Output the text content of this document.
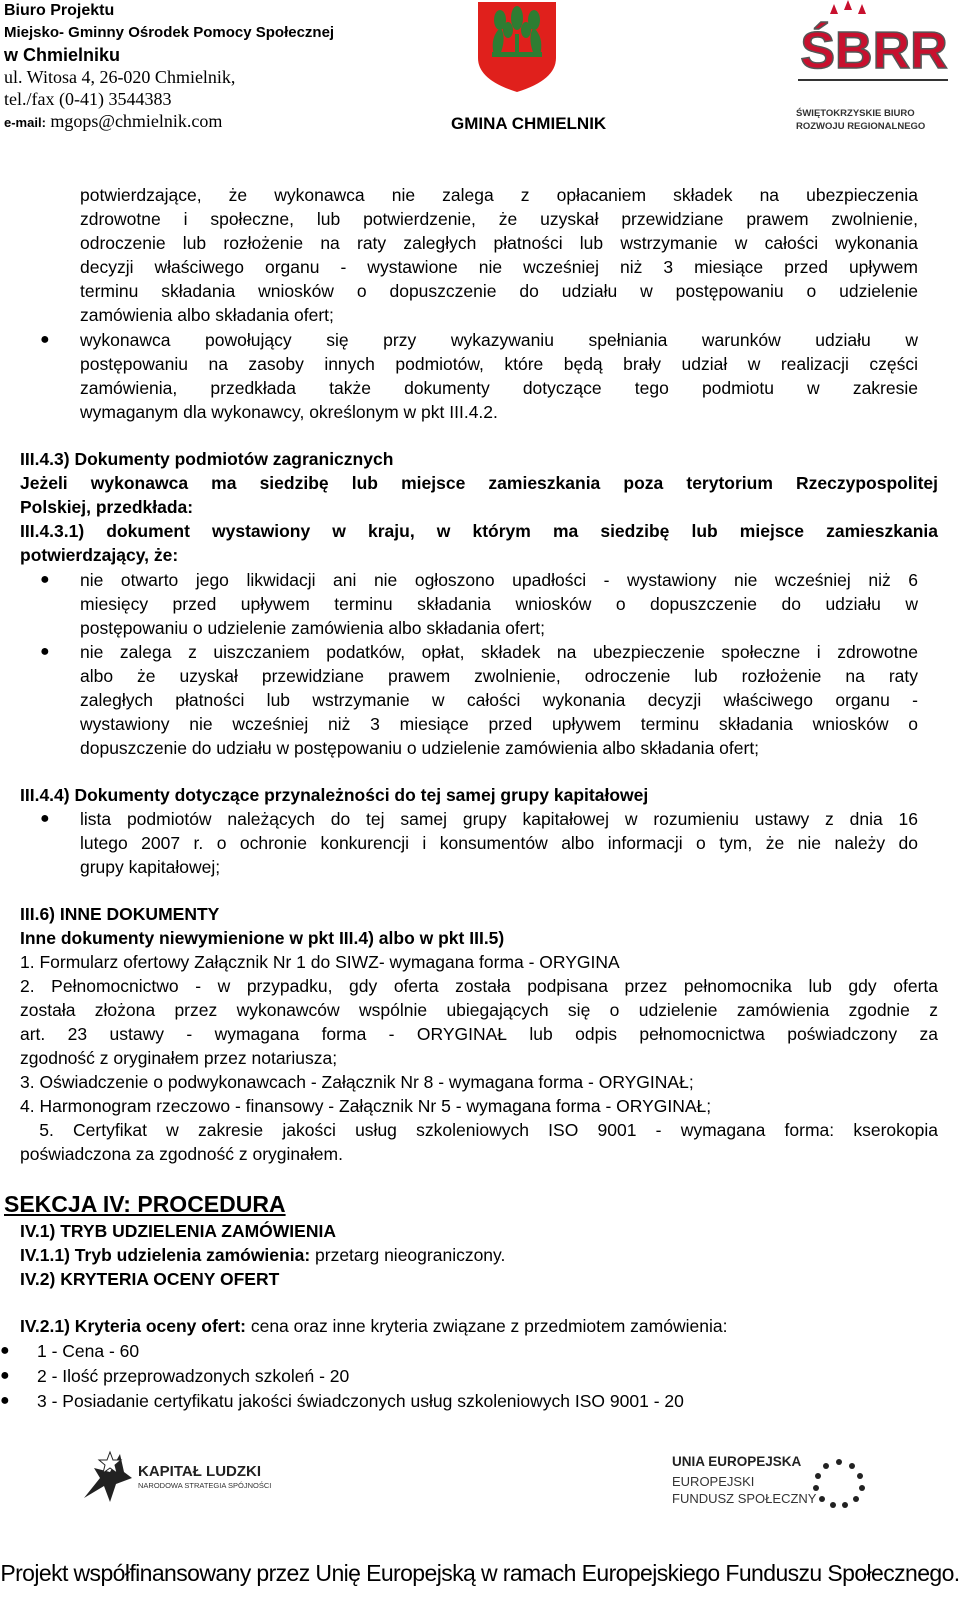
Biuro Projektu
Miejsko- Gminny Ośrodek Pomocy Społecznej
w Chmielniku
ul. Witosa 4, 26-020 Chmielnik,
tel./fax (0-41) 3544383
e-mail: mgops@chmielnik.com	GMINA CHMIELNIK
ŚBRR
ŚWIĘTOKRZYSKIE BIURO
ROZWOJU REGIONALNEGO
potwierdzające, że wykonawca nie zalega z opłacaniem składek na ubezpieczenia
zdrowotne i społeczne, lub potwierdzenie, że uzyskał przewidziane prawem zwolnienie,
odroczenie lub rozłożenie na raty zaległych płatności lub wstrzymanie w całości wykonania
decyzji właściwego organu - wystawione nie wcześniej niż 3 miesiące przed upływem
terminu składania wniosków o dopuszczenie do udziału w postępowaniu o udzielenie
zamówienia albo składania ofert;
● wykonawca powołujący się przy wykazywaniu spełniania warunków udziału w
postępowaniu na zasoby innych podmiotów, które będą brały udział w realizacji części
zamówienia, przedkłada także dokumenty dotyczące tego podmiotu w zakresie
wymaganym dla wykonawcy, określonym w pkt III.4.2.
III.4.3) Dokumenty podmiotów zagranicznych
Jeżeli wykonawca ma siedzibę lub miejsce zamieszkania poza terytorium Rzeczypospolitej
Polskiej, przedkłada:
III.4.3.1) dokument wystawiony w kraju, w którym ma siedzibę lub miejsce zamieszkania
potwierdzający, że:
● nie otwarto jego likwidacji ani nie ogłoszono upadłości - wystawiony nie wcześniej niż 6
miesięcy przed upływem terminu składania wniosków o dopuszczenie do udziału w
postępowaniu o udzielenie zamówienia albo składania ofert;
● nie zalega z uiszczaniem podatków, opłat, składek na ubezpieczenie społeczne i zdrowotne
albo że uzyskał przewidziane prawem zwolnienie, odroczenie lub rozłożenie na raty
zaległych płatności lub wstrzymanie w całości wykonania decyzji właściwego organu -
wystawiony nie wcześniej niż 3 miesiące przed upływem terminu składania wniosków o
dopuszczenie do udziału w postępowaniu o udzielenie zamówienia albo składania ofert;
III.4.4) Dokumenty dotyczące przynależności do tej samej grupy kapitałowej
● lista podmiotów należących do tej samej grupy kapitałowej w rozumieniu ustawy z dnia 16
lutego 2007 r. o ochronie konkurencji i konsumentów albo informacji o tym, że nie należy do
grupy kapitałowej;
III.6) INNE DOKUMENTY
Inne dokumenty niewymienione w pkt III.4) albo w pkt III.5)
1. Formularz ofertowy Załącznik Nr 1 do SIWZ- wymagana forma - ORYGINA
2. Pełnomocnictwo - w przypadku, gdy oferta została podpisana przez pełnomocnika lub gdy oferta
została złożona przez wykonawców wspólnie ubiegających się o udzielenie zamówienia zgodnie z
art. 23 ustawy - wymagana forma - ORYGINAŁ lub odpis pełnomocnictwa poświadczony za
zgodność z oryginałem przez notariusza;
3. Oświadczenie o podwykonawcach - Załącznik Nr 8 - wymagana forma - ORYGINAŁ;
4. Harmonogram rzeczowo - finansowy - Załącznik Nr 5 - wymagana forma - ORYGINAŁ;
5. Certyfikat w zakresie jakości usług szkoleniowych ISO 9001 - wymagana forma: kserokopia
poświadczona za zgodność z oryginałem.
SEKCJA IV: PROCEDURA
IV.1) TRYB UDZIELENIA ZAMÓWIENIA
IV.1.1) Tryb udzielenia zamówienia: przetarg nieograniczony.
IV.2) KRYTERIA OCENY OFERT
IV.2.1) Kryteria oceny ofert: cena oraz inne kryteria związane z przedmiotem zamówienia:
● 1 - Cena - 60
● 2 - Ilość przeprowadzonych szkoleń - 20
● 3 - Posiadanie certyfikatu jakości świadczonych usług szkoleniowych ISO 9001 - 20
KAPITAŁ LUDZKI
NARODOWA STRATEGIA SPÓJNOŚCI
UNIA EUROPEJSKA
EUROPEJSKI
FUNDUSZ SPOŁECZNY
Projekt współfinansowany przez Unię Europejską w ramach Europejskiego Funduszu Społecznego.
